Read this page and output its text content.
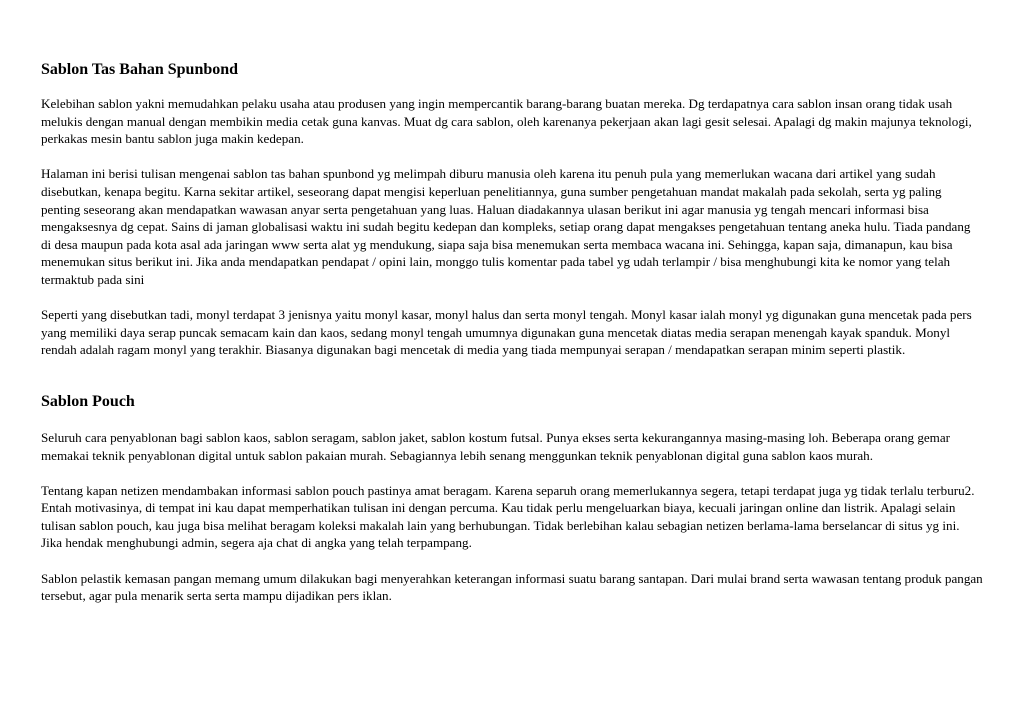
Sablon Tas Bahan Spunbond

Kelebihan sablon yakni memudahkan pelaku usaha atau produsen yang ingin mempercantik barang-barang buatan mereka. Dg terdapatnya cara sablon insan orang tidak usah melukis dengan manual dengan membikin media cetak guna kanvas. Muat dg cara sablon, oleh karenanya pekerjaan akan lagi gesit selesai. Apalagi dg makin majunya teknologi, perkakas mesin bantu sablon juga makin kedepan.

Halaman ini berisi tulisan mengenai sablon tas bahan spunbond yg melimpah diburu manusia oleh karena itu penuh pula yang memerlukan wacana dari artikel yang sudah disebutkan, kenapa begitu. Karna sekitar artikel, seseorang dapat mengisi keperluan penelitiannya, guna sumber pengetahuan mandat makalah pada sekolah, serta yg paling penting seseorang akan mendapatkan wawasan anyar serta pengetahuan yang luas. Haluan diadakannya ulasan berikut ini agar manusia yg tengah mencari informasi bisa mengaksesnya dg cepat. Sains di jaman globalisasi waktu ini sudah begitu kedepan dan kompleks, setiap orang dapat mengakses pengetahuan tentang aneka hulu. Tiada pandang di desa maupun pada kota asal ada jaringan www serta alat yg mendukung, siapa saja bisa menemukan serta membaca wacana ini. Sehingga, kapan saja, dimanapun, kau bisa menemukan situs berikut ini. Jika anda mendapatkan pendapat / opini lain, monggo tulis komentar pada tabel yg udah terlampir / bisa menghubungi kita ke nomor yang telah termaktub pada sini

Seperti yang disebutkan tadi, monyl terdapat 3 jenisnya yaitu monyl kasar, monyl halus dan serta monyl tengah. Monyl kasar ialah monyl yg digunakan guna mencetak pada pers yang memiliki daya serap puncak semacam kain dan kaos, sedang monyl tengah umumnya digunakan guna mencetak diatas media serapan menengah kayak spanduk. Monyl rendah adalah ragam monyl yang terakhir. Biasanya digunakan bagi mencetak di media yang tiada mempunyai serapan / mendapatkan serapan minim seperti plastik.

Sablon Pouch

Seluruh cara penyablonan bagi sablon kaos, sablon seragam, sablon jaket, sablon kostum futsal. Punya ekses serta kekurangannya masing-masing loh. Beberapa orang gemar memakai teknik penyablonan digital untuk sablon pakaian murah. Sebagiannya lebih senang menggunkan teknik penyablonan digital guna sablon kaos murah.

Tentang kapan netizen mendambakan informasi sablon pouch pastinya amat beragam. Karena separuh orang memerlukannya segera, tetapi terdapat juga yg tidak terlalu terburu2. Entah motivasinya, di tempat ini kau dapat memperhatikan tulisan ini dengan percuma. Kau tidak perlu mengeluarkan biaya, kecuali jaringan online dan listrik. Apalagi selain tulisan sablon pouch, kau juga bisa melihat beragam koleksi makalah lain yang berhubungan. Tidak berlebihan kalau sebagian netizen berlama-lama berselancar di situs yg ini. Jika hendak menghubungi admin, segera aja chat di angka yang telah terpampang.

Sablon pelastik kemasan pangan memang umum dilakukan bagi menyerahkan keterangan informasi suatu barang santapan. Dari mulai brand serta wawasan tentang produk pangan tersebut, agar pula menarik serta serta mampu dijadikan pers iklan.
